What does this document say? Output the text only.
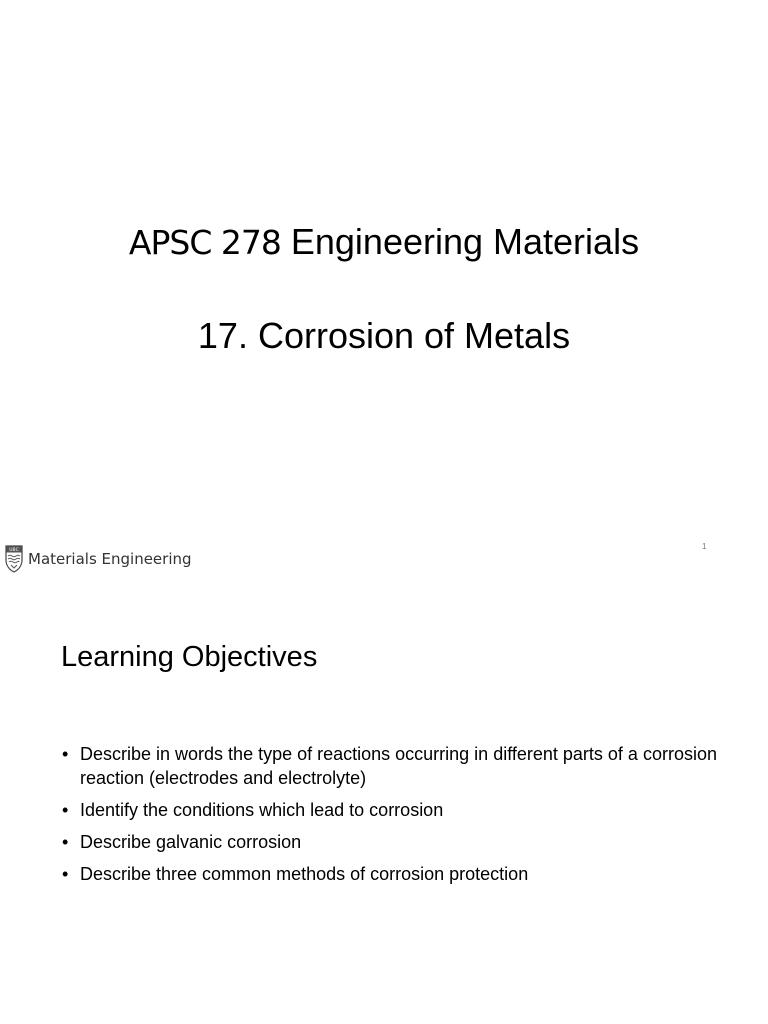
APSC 278 Engineering Materials
17. Corrosion of Metals
UBC Materials Engineering
1
Learning Objectives
• Describe in words the type of reactions occurring in different parts of a corrosion reaction (electrodes and electrolyte)
• Identify the conditions which lead to corrosion
• Describe galvanic corrosion
• Describe three common methods of corrosion protection
